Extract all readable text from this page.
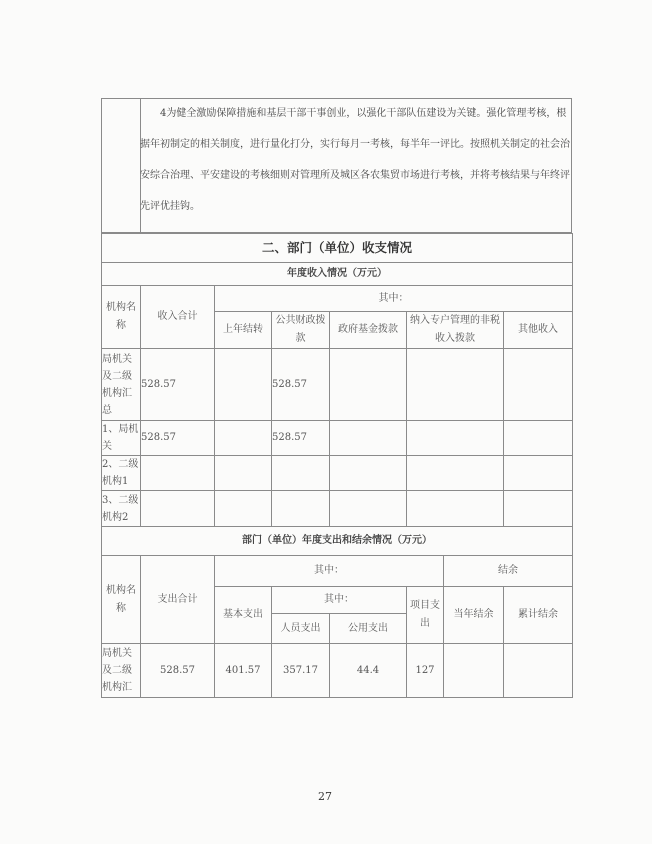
4为健全激励保障措施和基层干部干事创业，以强化干部队伍建设为关键。强化管理考核，根据年初制定的相关制度，进行量化打分，实行每月一考核，每半年一评比。按照机关制定的社会治安综合治理、平安建设的考核细则对管理所及城区各农集贸市场进行考核，并将考核结果与年终评先评优挂钩。

二、部门（单位）收支情况						
年度收入情况（万元）						
机构名称	收入合计	其中：				
		上年结转	公共财政拨款	政府基金拨款	纳入专户管理的非税收入拨款	其他收入
局机关及二级机构汇总	528.57		528.57			
1、局机关	528.57		528.57			
2、二级机构1						
3、二级机构2						
部门（单位）年度支出和结余情况（万元）							
机构名称	支出合计	其中：				结余	
		基本支出	其中：		项目支出	当年结余	累计结余
			人员支出	公用支出			

局机关及二级机构汇	528.57	401.57	357.17	44.4	127		
27
